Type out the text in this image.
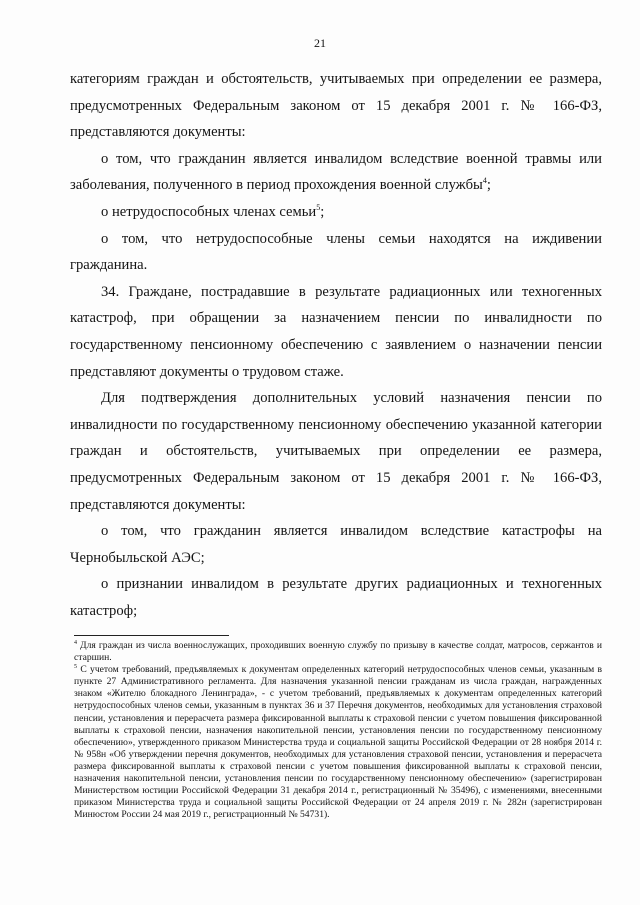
21

категориям граждан и обстоятельств, учитываемых при определении ее размера, предусмотренных Федеральным законом от 15 декабря 2001 г. № 166-ФЗ, представляются документы:

о том, что гражданин является инвалидом вследствие военной травмы или заболевания, полученного в период прохождения военной службы$^4$;

о нетрудоспособных членах семьи$^5$;

о том, что нетрудоспособные члены семьи находятся на иждивении гражданина.

34. Граждане, пострадавшие в результате радиационных или техногенных катастроф, при обращении за назначением пенсии по инвалидности по государственному пенсионному обеспечению с заявлением о назначении пенсии представляют документы о трудовом стаже.

Для подтверждения дополнительных условий назначения пенсии по инвалидности по государственному пенсионному обеспечению указанной категории граждан и обстоятельств, учитываемых при определении ее размера, предусмотренных Федеральным законом от 15 декабря 2001 г. № 166-ФЗ, представляются документы:

о том, что гражданин является инвалидом вследствие катастрофы на Чернобыльской АЭС;

о признании инвалидом в результате других радиационных и техногенных катастроф;

$^4$ Для граждан из числа военнослужащих, проходивших военную службу по призыву в качестве солдат, матросов, сержантов и старшин.

$^5$ С учетом требований, предъявляемых к документам определенных категорий нетрудоспособных членов семьи, указанным в пункте 27 Административного регламента. Для назначения указанной пенсии гражданам из числа граждан, награжденных знаком «Жителю блокадного Ленинграда», - с учетом требований, предъявляемых к документам определенных категорий нетрудоспособных членов семьи, указанным в пунктах 36 и 37 Перечня документов, необходимых для установления страховой пенсии, установления и перерасчета размера фиксированной выплаты к страховой пенсии с учетом повышения фиксированной выплаты к страховой пенсии, назначения накопительной пенсии, установления пенсии по государственному пенсионному обеспечению», утвержденного приказом Министерства труда и социальной защиты Российской Федерации от 28 ноября 2014 г. № 958н «Об утверждении перечня документов, необходимых для установления страховой пенсии, установления и перерасчета размера фиксированной выплаты к страховой пенсии с учетом повышения фиксированной выплаты к страховой пенсии, назначения накопительной пенсии, установления пенсии по государственному пенсионному обеспечению» (зарегистрирован Министерством юстиции Российской Федерации 31 декабря 2014 г., регистрационный № 35496), с изменениями, внесенными приказом Министерства труда и социальной защиты Российской Федерации от 24 апреля 2019 г. № 282н (зарегистрирован Минюстом России 24 мая 2019 г., регистрационный № 54731).
